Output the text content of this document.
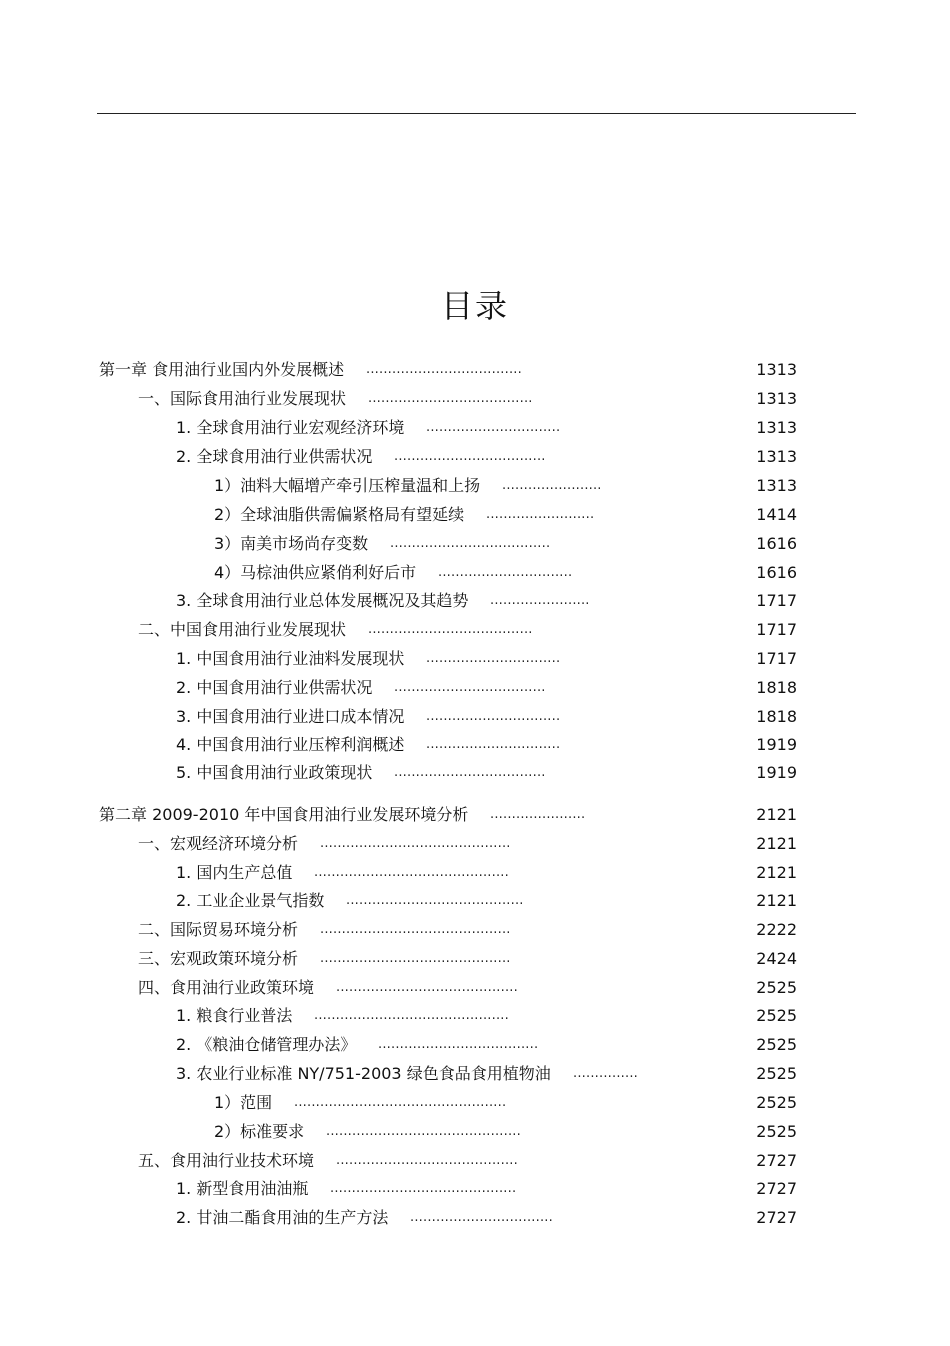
目录
第一章 食用油行业国内外发展概述 ....................................	1313
一、国际食用油行业发展现状 ......................................	1313
1. 全球食用油行业宏观经济环境 ...............................	1313
2. 全球食用油行业供需状况 ...................................	1313
1）油料大幅增产牵引压榨量温和上扬 .......................	1313
2）全球油脂供需偏紧格局有望延续 .........................	1414
3）南美市场尚存变数 .....................................	1616
4）马棕油供应紧俏利好后市 ...............................	1616
3. 全球食用油行业总体发展概况及其趋势 .......................	1717
二、中国食用油行业发展现状 ......................................	1717
1. 中国食用油行业油料发展现状 ...............................	1717
2. 中国食用油行业供需状况 ...................................	1818
3. 中国食用油行业进口成本情况 ...............................	1818
4. 中国食用油行业压榨利润概述 ...............................	1919
5. 中国食用油行业政策现状 ...................................	1919
第二章 2009-2010 年中国食用油行业发展环境分析 ......................	2121
一、宏观经济环境分析 ............................................	2121
1. 国内生产总值 .............................................	2121
2. 工业企业景气指数 .........................................	2121
二、国际贸易环境分析 ............................................	2222
三、宏观政策环境分析 ............................................	2424
四、食用油行业政策环境 ..........................................	2525
1. 粮食行业普法 .............................................	2525
2. 《粮油仓储管理办法》 .....................................	2525
3. 农业行业标准 NY/751-2003 绿色食品食用植物油 ...............	2525
1）范围 .................................................	2525
2）标准要求 .............................................	2525
五、食用油行业技术环境 ..........................................	2727
1. 新型食用油油瓶 ...........................................	2727
2. 甘油二酯食用油的生产方法 .................................	2727
